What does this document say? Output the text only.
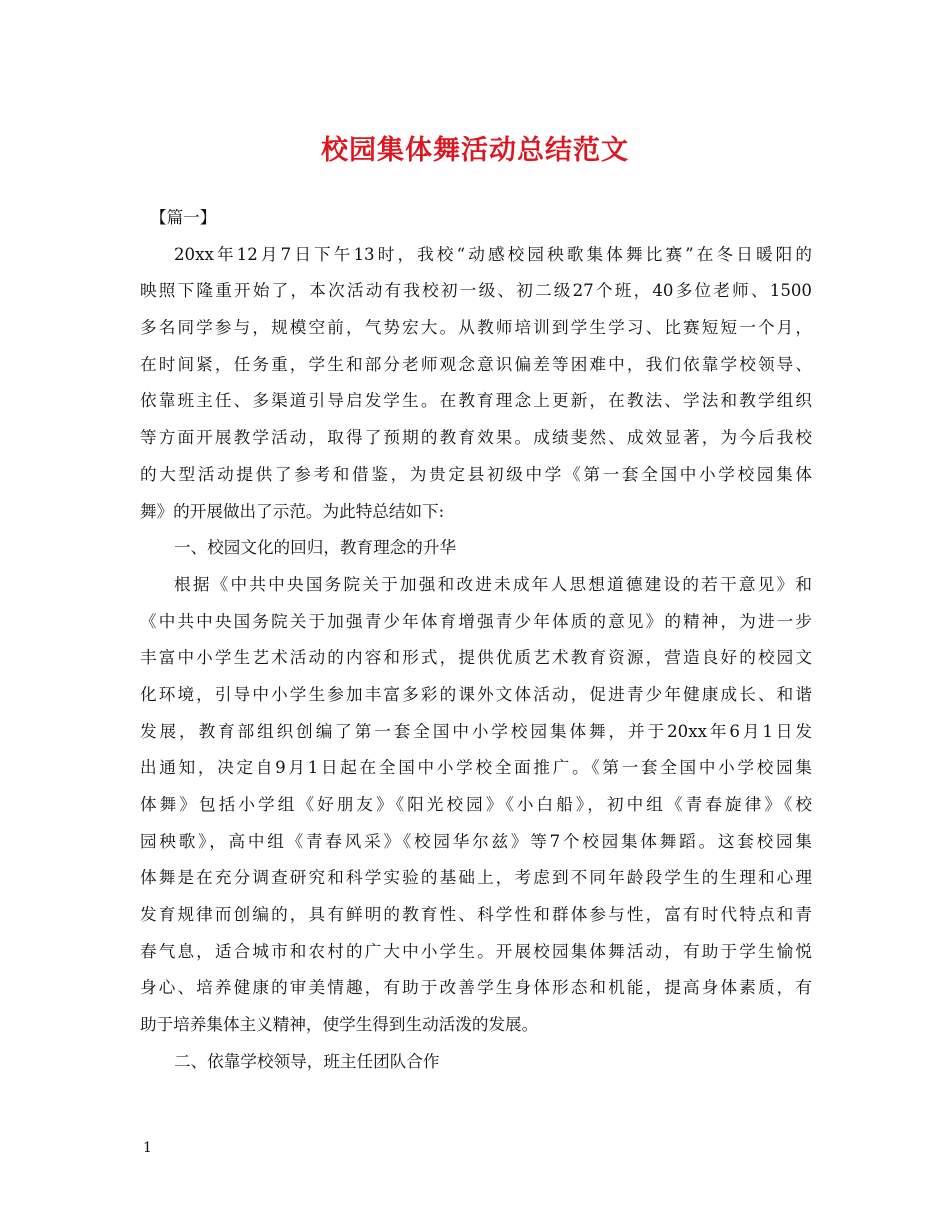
校园集体舞活动总结范文
【篇一】
20xx年12月7日下午13时，我校“动感校园秧歌集体舞比赛”在冬日暖阳的
映照下隆重开始了，本次活动有我校初一级、初二级27个班，40多位老师、1500
多名同学参与，规模空前，气势宏大。从教师培训到学生学习、比赛短短一个月，
在时间紧，任务重，学生和部分老师观念意识偏差等困难中，我们依靠学校领导、
依靠班主任、多渠道引导启发学生。在教育理念上更新，在教法、学法和教学组织
等方面开展教学活动，取得了预期的教育效果。成绩斐然、成效显著，为今后我校
的大型活动提供了参考和借鉴，为贵定县初级中学《第一套全国中小学校园集体
舞》的开展做出了示范。为此特总结如下:
一、校园文化的回归，教育理念的升华
根据《中共中央国务院关于加强和改进未成年人思想道德建设的若干意见》和
《中共中央国务院关于加强青少年体育增强青少年体质的意见》的精神，为进一步
丰富中小学生艺术活动的内容和形式，提供优质艺术教育资源，营造良好的校园文
化环境，引导中小学生参加丰富多彩的课外文体活动，促进青少年健康成长、和谐
发展，教育部组织创编了第一套全国中小学校园集体舞，并于20xx年6月1日发
出通知，决定自9月1日起在全国中小学校全面推广。《第一套全国中小学校园集
体舞》包括小学组《好朋友》《阳光校园》《小白船》，初中组《青春旋律》《校
园秧歌》，高中组《青春风采》《校园华尔兹》等7个校园集体舞蹈。这套校园集
体舞是在充分调查研究和科学实验的基础上，考虑到不同年龄段学生的生理和心理
发育规律而创编的，具有鲜明的教育性、科学性和群体参与性，富有时代特点和青
春气息，适合城市和农村的广大中小学生。开展校园集体舞活动，有助于学生愉悦
身心、培养健康的审美情趣，有助于改善学生身体形态和机能，提高身体素质，有
助于培养集体主义精神，使学生得到生动活泼的发展。
二、依靠学校领导，班主任团队合作
1
